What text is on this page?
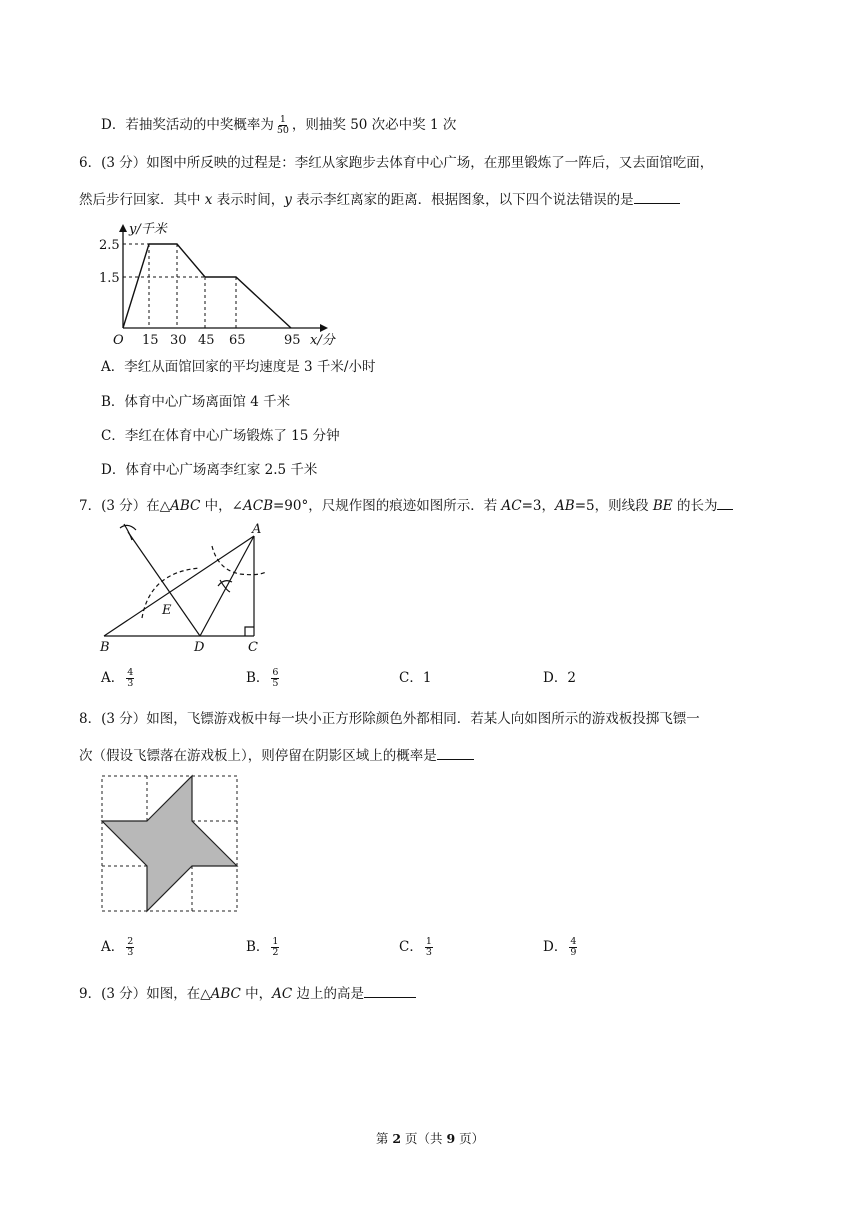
D．若抽奖活动的中奖概率为 $\frac{1}{50}$ ，则抽奖 50 次必中奖 1 次
6．(3 分）如图中所反映的过程是：李红从家跑步去体育中心广场，在那里锻炼了一阵后，又去面馆吃面，
然后步行回家．其中 x 表示时间，y 表示李红离家的距离．根据图象，以下四个说法错误的是
y/千米
2.5
1.5
O 15 30 45 65	95 x/分
A．李红从面馆回家的平均速度是 3 千米/小时
B．体育中心广场离面馆 4 千米
C．李红在体育中心广场锻炼了 15 分钟
D．体育中心广场离李红家 2.5 千米
7．(3 分）在△ABC 中，∠ACB=90°，尺规作图的痕迹如图所示．若 AC=3，AB=5，则线段 BE 的长为
A
B	C
D
E
A． $\frac{4}{3}$	B． $\frac{6}{5}$	C．1	D．2
8．(3 分）如图，飞镖游戏板中每一块小正方形除颜色外都相同．若某人向如图所示的游戏板投掷飞镖一
次（假设飞镖落在游戏板上），则停留在阴影区域上的概率是
A． $\frac{2}{3}$	B． $\frac{1}{2}$	C． $\frac{1}{3}$	D． $\frac{4}{9}$
9．(3 分）如图，在△ABC 中，AC 边上的高是
第 2 页（共 9 页）
